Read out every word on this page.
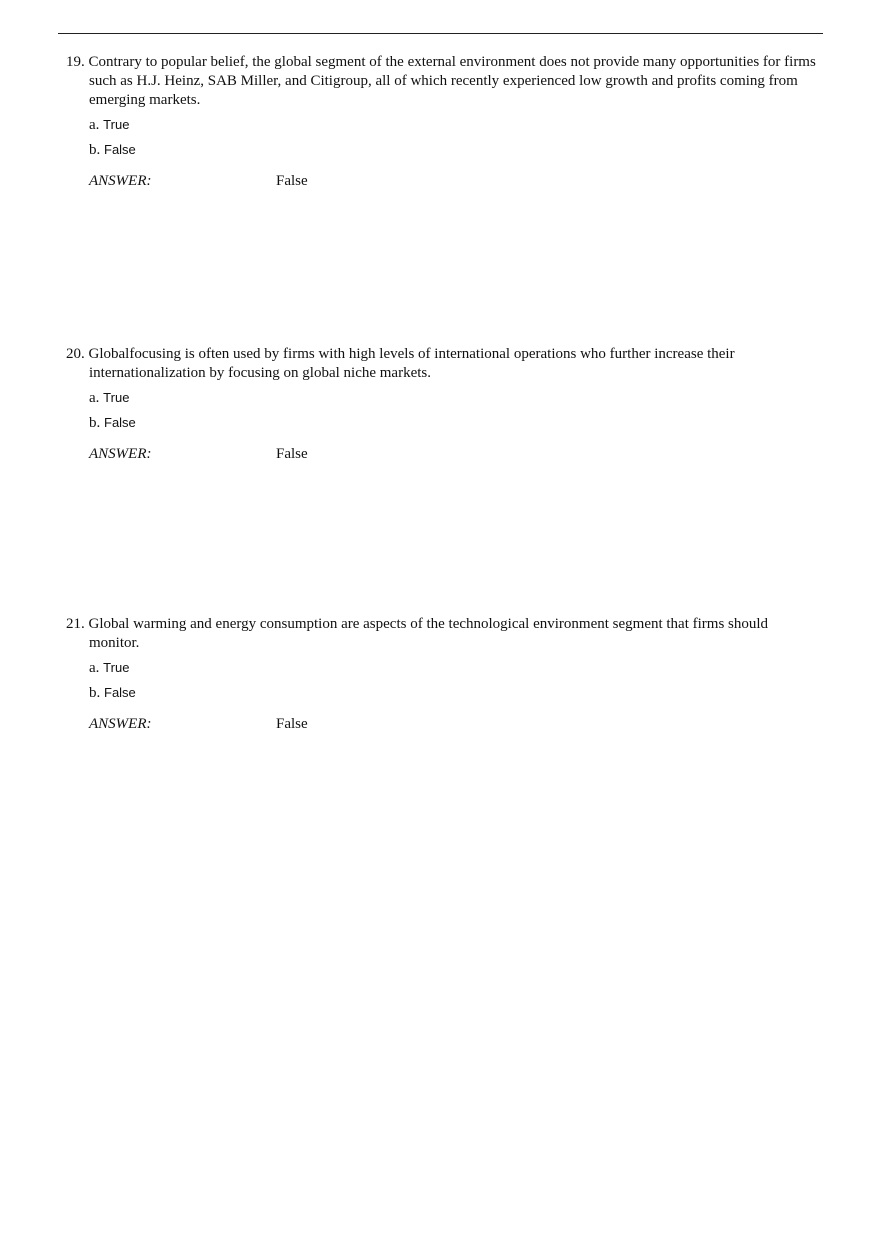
19. Contrary to popular belief, the global segment of the external environment does not provide many opportunities for firms such as H.J. Heinz, SAB Miller, and Citigroup, all of which recently experienced low growth and profits coming from emerging markets.

a. True
b. False
ANSWER:	False

20. Globalfocusing is often used by firms with high levels of international operations who further increase their internationalization by focusing on global niche markets.

a. True
b. False
ANSWER:	False

21. Global warming and energy consumption are aspects of the technological environment segment that firms should monitor.

a. True
b. False
ANSWER:	False
